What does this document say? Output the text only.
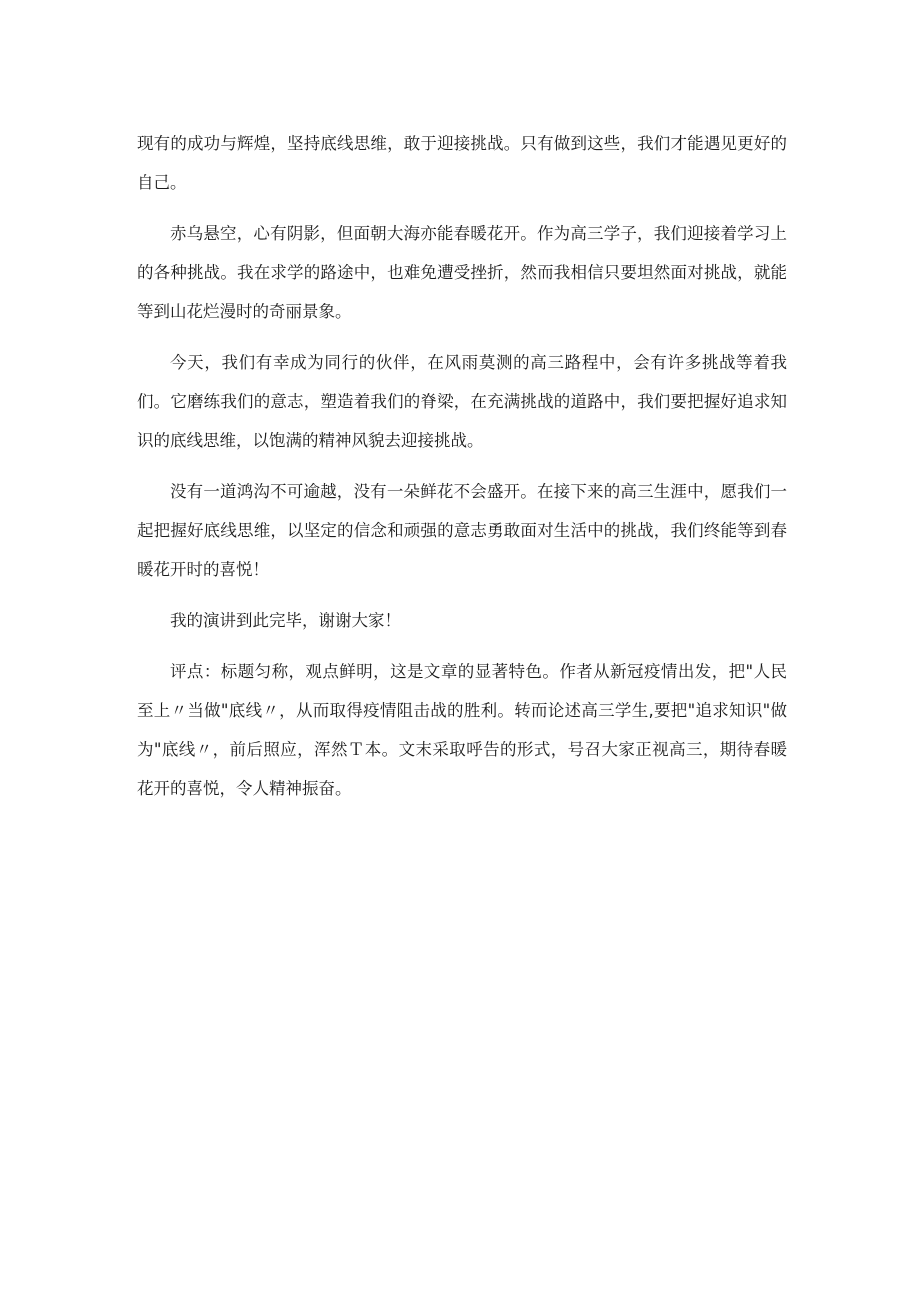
现有的成功与辉煌，坚持底线思维，敢于迎接挑战。只有做到这些，我们才能遇见更好的自己。

赤乌悬空，心有阴影，但面朝大海亦能春暖花开。作为高三学子，我们迎接着学习上的各种挑战。我在求学的路途中，也难免遭受挫折，然而我相信只要坦然面对挑战，就能等到山花烂漫时的奇丽景象。

今天，我们有幸成为同行的伙伴，在风雨莫测的高三路程中，会有许多挑战等着我们。它磨练我们的意志，塑造着我们的脊梁，在充满挑战的道路中，我们要把握好追求知识的底线思维，以饱满的精神风貌去迎接挑战。

没有一道鸿沟不可逾越，没有一朵鲜花不会盛开。在接下来的高三生涯中，愿我们一起把握好底线思维，以坚定的信念和顽强的意志勇敢面对生活中的挑战，我们终能等到春暖花开时的喜悦！

我的演讲到此完毕，谢谢大家！

评点：标题匀称，观点鲜明，这是文章的显著特色。作者从新冠疫情出发，把"人民至上〃当做"底线〃，从而取得疫情阻击战的胜利。转而论述高三学生,要把"追求知识"做为"底线〃，前后照应，浑然Ｔ本。文末采取呼告的形式，号召大家正视高三，期待春暖花开的喜悦，令人精神振奋。
